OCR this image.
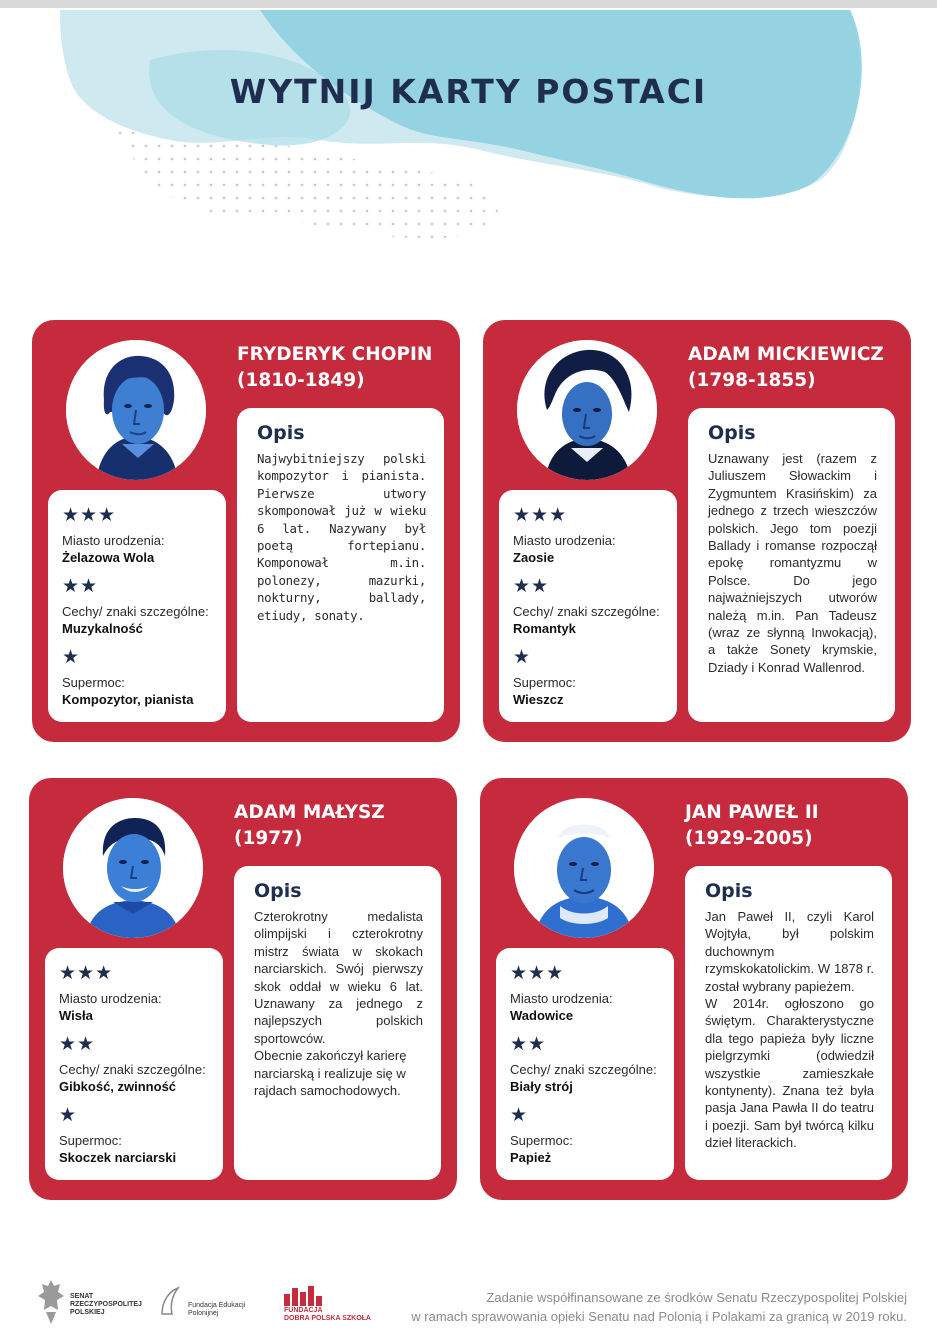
WYTNIJ KARTY POSTACI
FRYDERYK CHOPIN
(1810-1849)
★★★
Miasto urodzenia:
Żelazowa Wola
★★
Cechy/ znaki szczególne:
Muzykalność
★
Supermoc:
Kompozytor, pianista
Opis
Najwybitniejszy polski kompozytor i pianista. Pierwsze utwory skomponował już w wieku 6 lat. Nazywany był poetą fortepianu. Komponował m.in. polonezy, mazurki, nokturny, ballady, etiudy, sonaty.
ADAM MICKIEWICZ
(1798-1855)
★★★
Miasto urodzenia:
Zaosie
★★
Cechy/ znaki szczególne:
Romantyk
★
Supermoc:
Wieszcz
Opis
Uznawany jest (razem z Juliuszem Słowackim i Zygmuntem Krasińskim) za jednego z trzech wieszczów polskich. Jego tom poezji Ballady i romanse rozpoczął epokę romantyzmu w Polsce. Do jego najważniejszych utworów należą m.in. Pan Tadeusz (wraz ze słynną Inwokacją), a także Sonety krymskie, Dziady i Konrad Wallenrod.
ADAM MAŁYSZ
(1977)
★★★
Miasto urodzenia:
Wisła
★★
Cechy/ znaki szczególne:
Gibkość, zwinność
★
Supermoc:
Skoczek narciarski
Opis
Czterokrotny medalista olimpijski i czterokrotny mistrz świata w skokach narciarskich. Swój pierwszy skok oddał w wieku 6 lat. Uznawany za jednego z najlepszych polskich sportowców.
Obecnie zakończył karierę narciarską i realizuje się w rajdach samochodowych.
JAN PAWEŁ II
(1929-2005)
★★★
Miasto urodzenia:
Wadowice
★★
Cechy/ znaki szczególne:
Biały strój
★
Supermoc:
Papież
Opis
Jan Paweł II, czyli Karol Wojtyła, był polskim duchownym rzymskokatolickim. W 1878 r. został wybrany papieżem.
W 2014r. ogłoszono go świętym. Charakterystyczne dla tego papieża były liczne pielgrzymki (odwiedził wszystkie zamieszkałe kontynenty). Znana też była pasja Jana Pawła II do teatru i poezji. Sam był twórcą kilku dzieł literackich.
SENAT RZECZYPOSPOLITEJ POLSKIEJ
Fundacja Edukacji Polonijnej	FUNDACJA
DOBRA POLSKA SZKOŁA
Zadanie współfinansowane ze środków Senatu Rzeczypospolitej Polskiej
w ramach sprawowania opieki Senatu nad Polonią i Polakami za granicą w 2019 roku.
